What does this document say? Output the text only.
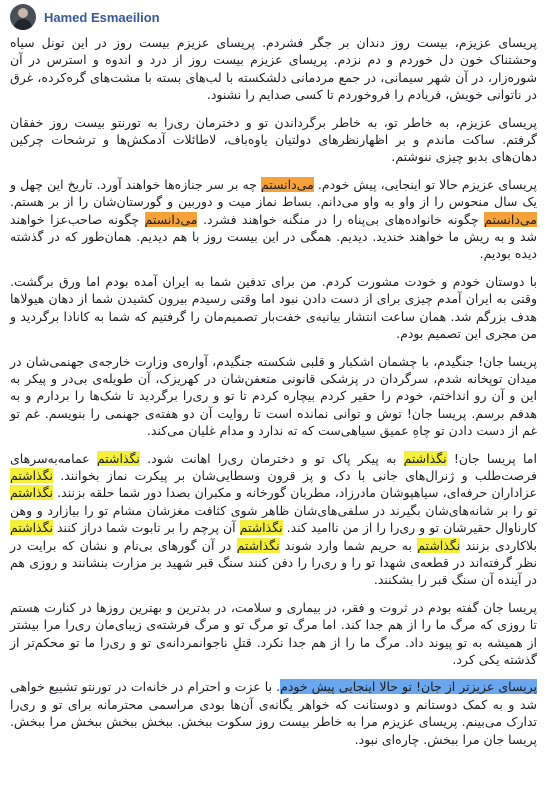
Hamed Esmaeilion

پریسای عزیزم، بیست روز دندان بر جگر فشردم. پریسای عزیزم بیست روز در این تونل سیاه وحشتناک خون دل خوردم و دم نزدم. پریسای عزیزم بیست روز از درد و اندوه و استرس در آن شوره‌زار، در آن شهر سیمانی، در جمع مردمانی دلشکسته با لب‌های بسته با مشت‌های گره‌کرده، غرق در ناتوانی خویش، فریادم را فروخوردم تا کسی صدایم را نشنود.

پریسای عزیزم، به خاطر تو، به خاطر برگرداندن تو و دخترمان ری‌را به تورنتو بیست روز خفقان گرفتم. ساکت ماندم و بر اظهارنظرهای دولتیان یاوه‌باف، لاطائلات آدمکش‌ها و ترشحات چرکین دهان‌های بدبو چیزی ننوشتم.

پریسای عزیزم حالا تو اینجایی، پیش خودم. می‌دانستم چه بر سر جنازه‌ها خواهند آورد. تاریخ این چهل و یک سال منحوس را از واو به واو می‌دانم. بساط نماز میت و دوربین و گورستان‌شان را از بر هستم. می‌دانستم چگونه خانواده‌های بی‌پناه را در منگنه خواهند فشرد. می‌دانستم چگونه صاحب‌عزا خواهند شد و به ریش ما خواهند خندید. دیدیم. همگی در این بیست روز با هم دیدیم. همان‌طور که در گذشته دیده بودیم.

با دوستان خودم و خودت مشورت کردم. من برای تدفین شما به ایران آمده بودم اما ورق برگشت. وقتی به ایران آمدم چیزی برای از دست دادن نبود اما وقتی رسیدم بیرون کشیدن شما از دهان هیولاها هدف بزرگم شد. همان ساعت انتشار بیانیه‌ی خفت‌بار تصمیم‌مان را گرفتیم که شما به کانادا برگردید و من مجری این تصمیم بودم.

پریسا جان! جنگیدم، با چشمان اشکبار و قلبی شکسته جنگیدم، آواره‌ی وزارت خارجه‌ی جهنمی‌شان در میدان توپخانه شدم، سرگردان در پزشکی قانونی متعفن‌شان در کهریزک، آن طویله‌ی بی‌در و پیکر به این و آن رو انداختم، خودم را حقیر کردم بیچاره کردم تا تو و ری‌را برگردید تا شک‌ها را بردارم و به هدفم برسم. پریسا جان! توش و توانی نمانده است تا روایت آن دو هفته‌ی جهنمی را بنویسم. غم تو غم از دست دادن تو چاهِ عمیق سیاهی‌ست که ته ندارد و مدام غلیان می‌کند.

اما پریسا جان! نگذاشتم به پیکر پاک تو و دخترمان ری‌را اهانت شود. نگذاشتم عمامه‌به‌سرهای فرصت‌طلب و ژنرال‌های جانی با دک و پز قرون وسطایی‌شان بر پیکرت نماز بخوانند. نگذاشتم عزاداران حرفه‌ای، سیاهپوشان مادرزاد، مطربان گورخانه و مکبران بصدا دور شما حلقه بزنند. نگذاشتم تو را بر شانه‌های‌شان بگیرند در سلفی‌های‌شان ظاهر شوی کثافت مغزشان مشام تو را بیازارد و وهن کارناوال حقیرشان تو و ری‌را را از من ناامید کند. نگذاشتم آن پرچم را بر تابوت شما دراز کنند نگذاشتم بلاکاردی بزنند نگذاشتم به حریم شما وارد شوند نگذاشتم در آن گورهای بی‌نام و نشان که برایت در نظر گرفته‌اند در قطعه‌ی شهدا تو را و ری‌را را دفن کنند سنگ قبر شهید بر مزارت بنشانند و روزی هم در آینده آن سنگ قبر را بشکنند.

پریسا جان گفته بودم در ثروت و فقر، در بیماری و سلامت، در بدترین و بهترین روزها در کنارت هستم تا روزی که مرگ ما را از هم جدا کند. اما مرگ تو مرگ تو و مرگ فرشته‌ی زیبای‌مان ری‌را مرا بیشتر از همیشه به تو پیوند داد. مرگ ما را از هم جدا نکرد. قتلِ ناجوانمردانه‌ی تو و ری‌را ما تو محکم‌تر از گذشته یکی کرد.

پریسای عزیزتر از جان! تو حالا اینجایی پیش خودم. با عزت و احترام در خانه‌ات در تورنتو تشییع خواهی شد و به کمک دوستانم و دوستانت که خواهر یگانه‌ی آن‌ها بودی مراسمی محترمانه برای تو و ری‌را تدارک می‌بینم. پریسای عزیزم مرا به خاطر بیست روز سکوت ببخش. ببخش ببخش ببخش مرا ببخش. پریسا جان مرا ببخش. چاره‌ای نبود.
